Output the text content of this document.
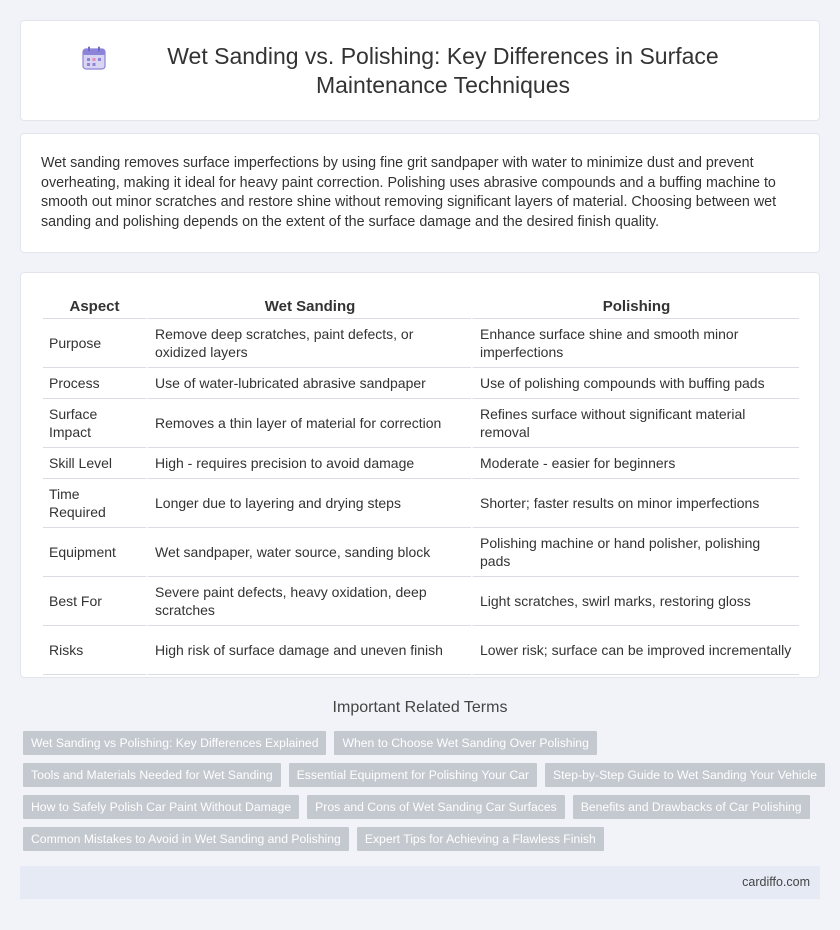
Wet Sanding vs. Polishing: Key Differences in Surface Maintenance Techniques

Wet sanding removes surface imperfections by using fine grit sandpaper with water to minimize dust and prevent overheating, making it ideal for heavy paint correction. Polishing uses abrasive compounds and a buffing machine to smooth out minor scratches and restore shine without removing significant layers of material. Choosing between wet sanding and polishing depends on the extent of the surface damage and the desired finish quality.

Aspect	Wet Sanding	Polishing
Purpose	Remove deep scratches, paint defects, or oxidized layers	Enhance surface shine and smooth minor imperfections
Process	Use of water-lubricated abrasive sandpaper	Use of polishing compounds with buffing pads
Surface Impact	Removes a thin layer of material for correction	Refines surface without significant material removal
Skill Level	High - requires precision to avoid damage	Moderate - easier for beginners
Time Required	Longer due to layering and drying steps	Shorter; faster results on minor imperfections
Equipment	Wet sandpaper, water source, sanding block	Polishing machine or hand polisher, polishing pads
Best For	Severe paint defects, heavy oxidation, deep scratches	Light scratches, swirl marks, restoring gloss
Risks	High risk of surface damage and uneven finish	Lower risk; surface can be improved incrementally
Important Related Terms
Wet Sanding vs Polishing: Key Differences Explained	When to Choose Wet Sanding Over Polishing
Tools and Materials Needed for Wet Sanding	Essential Equipment for Polishing Your Car	Step-by-Step Guide to Wet Sanding Your Vehicle
How to Safely Polish Car Paint Without Damage	Pros and Cons of Wet Sanding Car Surfaces	Benefits and Drawbacks of Car Polishing
Common Mistakes to Avoid in Wet Sanding and Polishing	Expert Tips for Achieving a Flawless Finish
cardiffo.com
